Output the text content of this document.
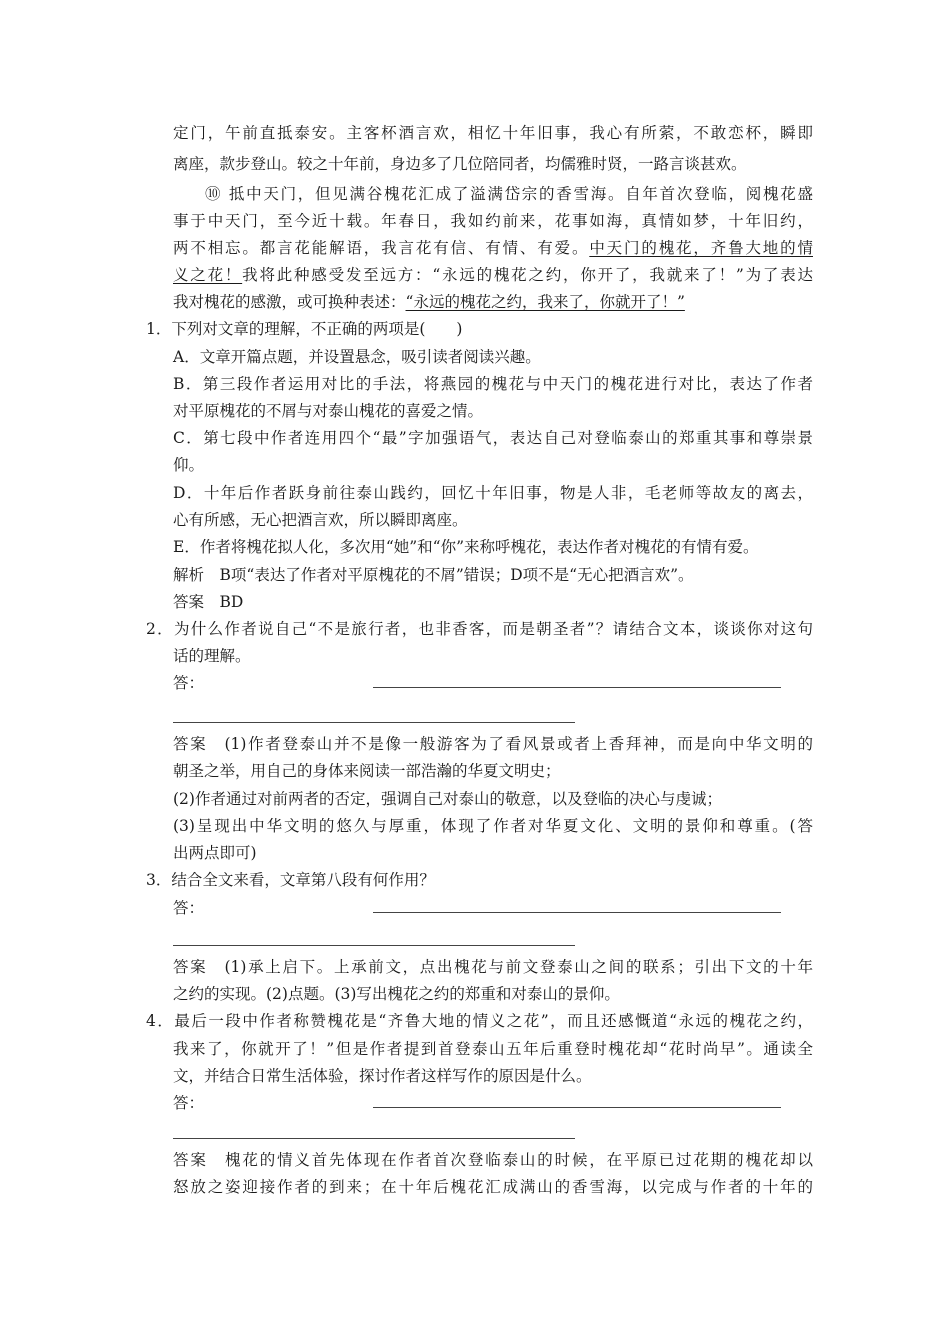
定门，午前直抵泰安。主客杯酒言欢，相忆十年旧事，我心有所萦，不敢恋杯，瞬即
离座，款步登山。较之十年前，身边多了几位陪同者，均儒雅时贤，一路言谈甚欢。
⑩ 抵中天门，但见满谷槐花汇成了溢满岱宗的香雪海。自年首次登临，阅槐花盛
事于中天门，至今近十载。年春日，我如约前来，花事如海，真情如梦，十年旧约，
两不相忘。都言花能解语，我言花有信、有情、有爱。中天门的槐花，齐鲁大地的情
义之花！我将此种感受发至远方：“永远的槐花之约，你开了，我就来了！”为了表达
我对槐花的感激，或可换种表述：“永远的槐花之约，我来了，你就开了！”
1．下列对文章的理解，不正确的两项是(　　)
A．文章开篇点题，并设置悬念，吸引读者阅读兴趣。
B．第三段作者运用对比的手法，将燕园的槐花与中天门的槐花进行对比，表达了作者
对平原槐花的不屑与对泰山槐花的喜爱之情。
C．第七段中作者连用四个“最”字加强语气，表达自己对登临泰山的郑重其事和尊崇景
仰。
D．十年后作者跃身前往泰山践约，回忆十年旧事，物是人非，毛老师等故友的离去，
心有所感，无心把酒言欢，所以瞬即离座。
E．作者将槐花拟人化，多次用“她”和“你”来称呼槐花，表达作者对槐花的有情有爱。
解析　B项“表达了作者对平原槐花的不屑”错误；D项不是“无心把酒言欢”。
答案　BD
2．为什么作者说自己“不是旅行者，也非香客，而是朝圣者”？请结合文本，谈谈你对这句
话的理解。
答：
答案　(1)作者登泰山并不是像一般游客为了看风景或者上香拜神，而是向中华文明的
朝圣之举，用自己的身体来阅读一部浩瀚的华夏文明史；
(2)作者通过对前两者的否定，强调自己对泰山的敬意，以及登临的决心与虔诚；
(3)呈现出中华文明的悠久与厚重，体现了作者对华夏文化、文明的景仰和尊重。(答
出两点即可)
3．结合全文来看，文章第八段有何作用？
答：
答案　(1)承上启下。上承前文，点出槐花与前文登泰山之间的联系；引出下文的十年
之约的实现。(2)点题。(3)写出槐花之约的郑重和对泰山的景仰。
4．最后一段中作者称赞槐花是“齐鲁大地的情义之花”，而且还感慨道“永远的槐花之约，
我来了，你就开了！”但是作者提到首登泰山五年后重登时槐花却“花时尚早”。通读全
文，并结合日常生活体验，探讨作者这样写作的原因是什么。
答：
答案　槐花的情义首先体现在作者首次登临泰山的时候，在平原已过花期的槐花却以
怒放之姿迎接作者的到来；在十年后槐花汇成满山的香雪海，以完成与作者的十年的
